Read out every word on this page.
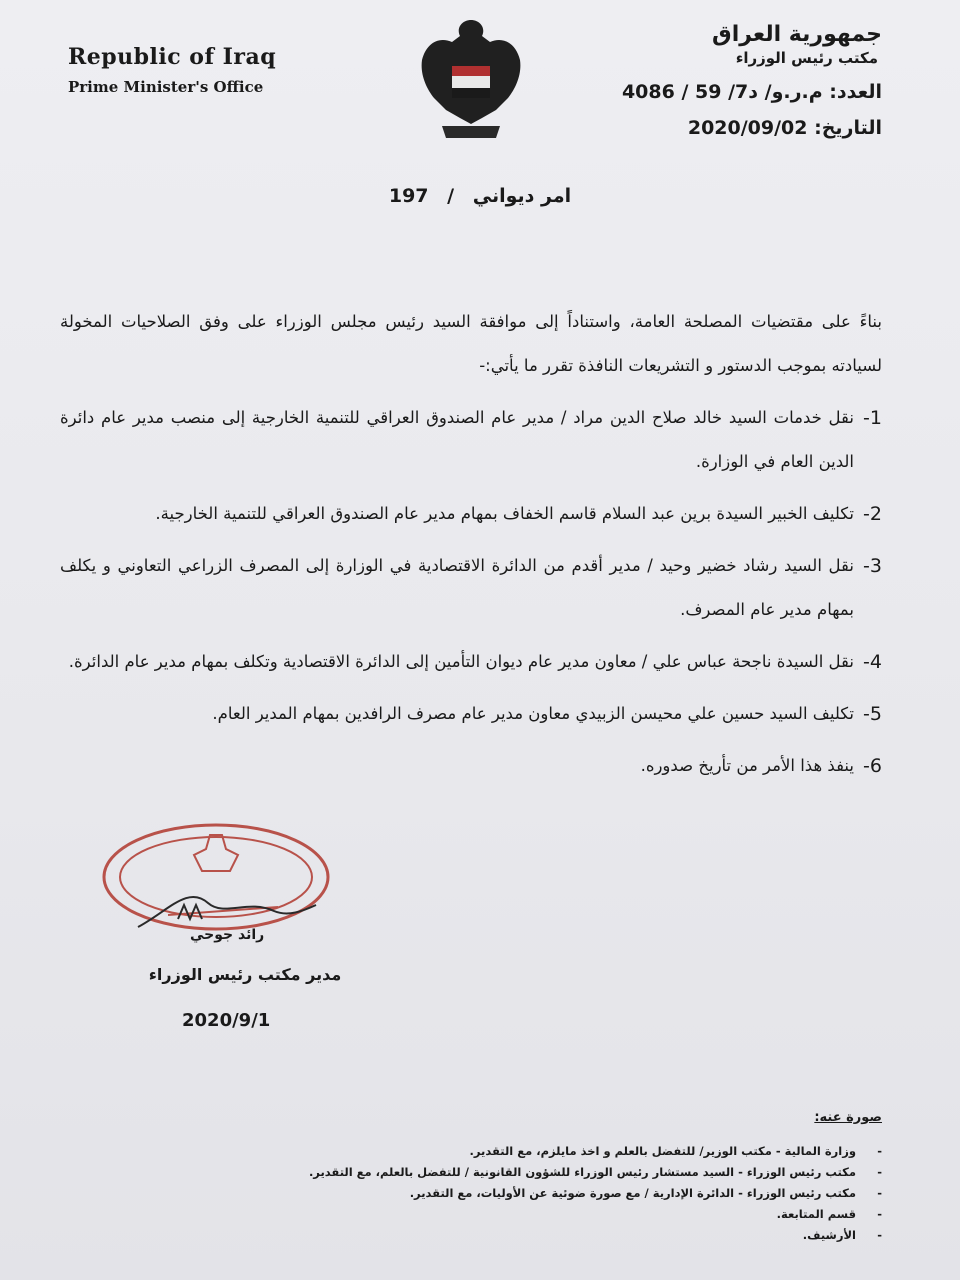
Republic of Iraq
Prime Minister's Office
جمهورية العراق
مكتب رئيس الوزراء
العدد: م.ر.و/ د7/ 59 / 4086
التاريخ: 2020/09/02
امر ديواني / 197

بناءً على مقتضيات المصلحة العامة، واستناداً إلى موافقة السيد رئيس مجلس الوزراء على وفق الصلاحيات المخولة لسيادته بموجب الدستور و التشريعات النافذة تقرر ما يأتي:-

1-
نقل خدمات السيد خالد صلاح الدين مراد / مدير عام الصندوق العراقي للتنمية الخارجية إلى منصب مدير عام دائرة الدين العام في الوزارة.
2-
تكليف الخبير السيدة برين عبد السلام قاسم الخفاف بمهام مدير عام الصندوق العراقي للتنمية الخارجية.
3-
نقل السيد رشاد خضير وحيد / مدير أقدم من الدائرة الاقتصادية في الوزارة إلى المصرف الزراعي التعاوني و يكلف بمهام مدير عام المصرف.
4-
نقل السيدة ناجحة عباس علي / معاون مدير عام ديوان التأمين إلى الدائرة الاقتصادية وتكلف بمهام مدير عام الدائرة.
5-
تكليف السيد حسين علي محيسن الزبيدي معاون مدير عام مصرف الرافدين بمهام المدير العام.
6-
ينفذ هذا الأمر من تأريخ صدوره.
رائد جوحي
مدير مكتب رئيس الوزراء
2020/9/1
صورة عنه:
- وزارة المالية - مكتب الوزير/ للتفضل بالعلم و اخذ مايلزم، مع التقدير.
- مكتب رئيس الوزراء - السيد مستشار رئيس الوزراء للشؤون القانونية / للتفضل بالعلم، مع التقدير.
- مكتب رئيس الوزراء - الدائرة الإدارية / مع صورة ضوئية عن الأوليات، مع التقدير.
- قسم المتابعة.
- الأرشيف.
